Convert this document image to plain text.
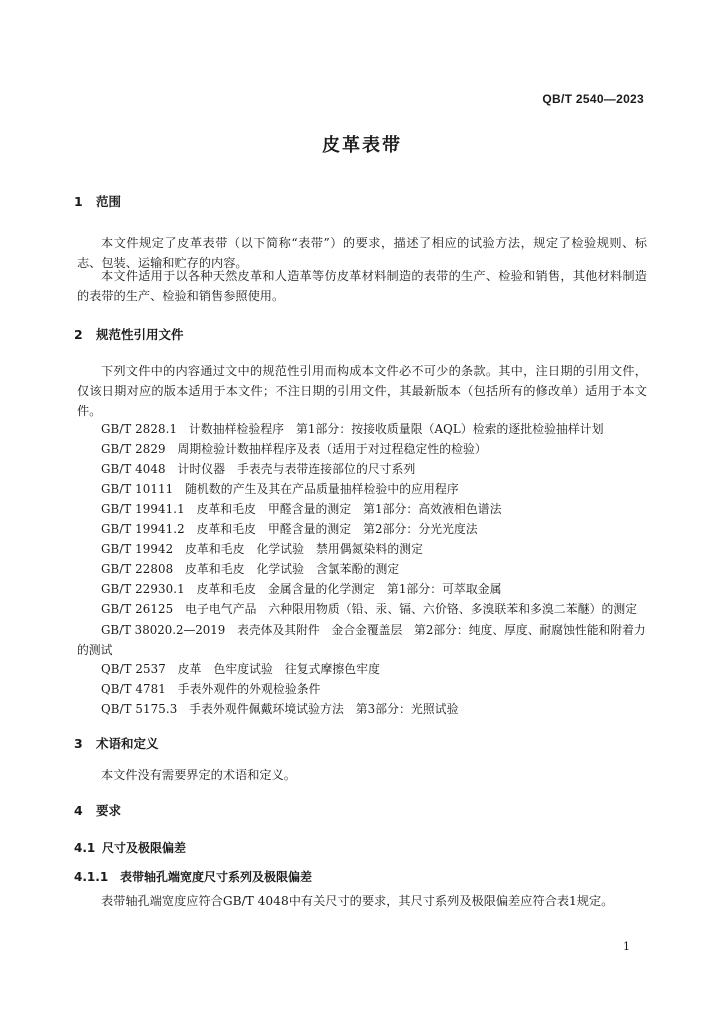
QB/T 2540—2023
皮革表带
1 范围
本文件规定了皮革表带（以下简称“表带”）的要求，描述了相应的试验方法，规定了检验规则、标志、包装、运输和贮存的内容。
本文件适用于以各种天然皮革和人造革等仿皮革材料制造的表带的生产、检验和销售，其他材料制造的表带的生产、检验和销售参照使用。
2 规范性引用文件
下列文件中的内容通过文中的规范性引用而构成本文件必不可少的条款。其中，注日期的引用文件，仅该日期对应的版本适用于本文件；不注日期的引用文件，其最新版本（包括所有的修改单）适用于本文件。
GB/T 2828.1　计数抽样检验程序　第1部分：按接收质量限（AQL）检索的逐批检验抽样计划
GB/T 2829　周期检验计数抽样程序及表（适用于对过程稳定性的检验）
GB/T 4048　计时仪器　手表壳与表带连接部位的尺寸系列
GB/T 10111　随机数的产生及其在产品质量抽样检验中的应用程序
GB/T 19941.1　皮革和毛皮　甲醛含量的测定　第1部分：高效液相色谱法
GB/T 19941.2　皮革和毛皮　甲醛含量的测定　第2部分：分光光度法
GB/T 19942　皮革和毛皮　化学试验　禁用偶氮染料的测定
GB/T 22808　皮革和毛皮　化学试验　含氯苯酚的测定
GB/T 22930.1　皮革和毛皮　金属含量的化学测定　第1部分：可萃取金属
GB/T 26125　电子电气产品　六种限用物质（铅、汞、镉、六价铬、多溴联苯和多溴二苯醚）的测定
GB/T 38020.2—2019　表壳体及其附件　金合金覆盖层　第2部分：纯度、厚度、耐腐蚀性能和附着力的测试
QB/T 2537　皮革　色牢度试验　往复式摩擦色牢度
QB/T 4781　手表外观件的外观检验条件
QB/T 5175.3　手表外观件佩戴环境试验方法　第3部分：光照试验
3 术语和定义
本文件没有需要界定的术语和定义。
4 要求
4.1 尺寸及极限偏差
4.1.1 表带轴孔端宽度尺寸系列及极限偏差
表带轴孔端宽度应符合GB/T 4048中有关尺寸的要求，其尺寸系列及极限偏差应符合表1规定。
1
